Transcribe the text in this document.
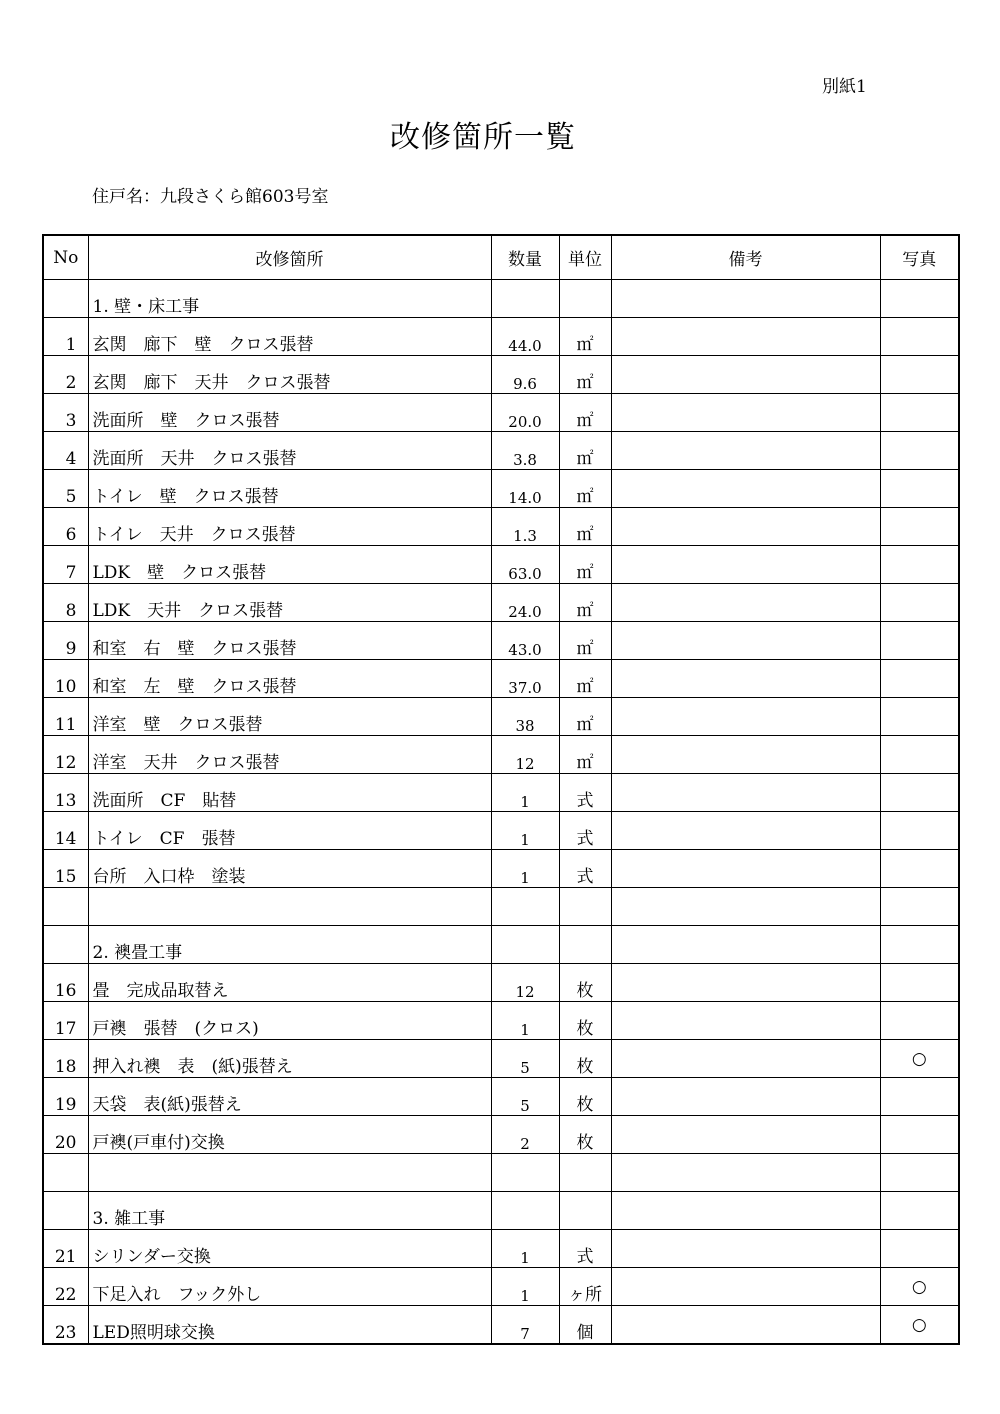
別紙1
改修箇所一覧
住戸名：九段さくら館603号室
No	改修箇所	数量	単位	備考	写真
	1. 壁・床工事				
1	玄関　廊下　壁　クロス張替	44.0	㎡		
2	玄関　廊下　天井　クロス張替	9.6	㎡		
3	洗面所　壁　クロス張替	20.0	㎡		
4	洗面所　天井　クロス張替	3.8	㎡		
5	トイレ　壁　クロス張替	14.0	㎡		
6	トイレ　天井　クロス張替	1.3	㎡		
7	LDK　壁　クロス張替	63.0	㎡		
8	LDK　天井　クロス張替	24.0	㎡		
9	和室　右　壁　クロス張替	43.0	㎡		
10	和室　左　壁　クロス張替	37.0	㎡		
11	洋室　壁　クロス張替	38	㎡		
12	洋室　天井　クロス張替	12	㎡		
13	洗面所　CF　貼替	1	式		
14	トイレ　CF　張替	1	式		
15	台所　入口枠　塗装	1	式		

	2. 襖畳工事				
16	畳　完成品取替え	12	枚		
17	戸襖　張替　(クロス)	1	枚		
18	押入れ襖　表　(紙)張替え	5	枚		○
19	天袋　表(紙)張替え	5	枚		
20	戸襖(戸車付)交換	2	枚		

	3. 雑工事				
21	シリンダー交換	1	式		
22	下足入れ　フック外し	1	ヶ所		○
23	LED照明球交換	7	個		○
